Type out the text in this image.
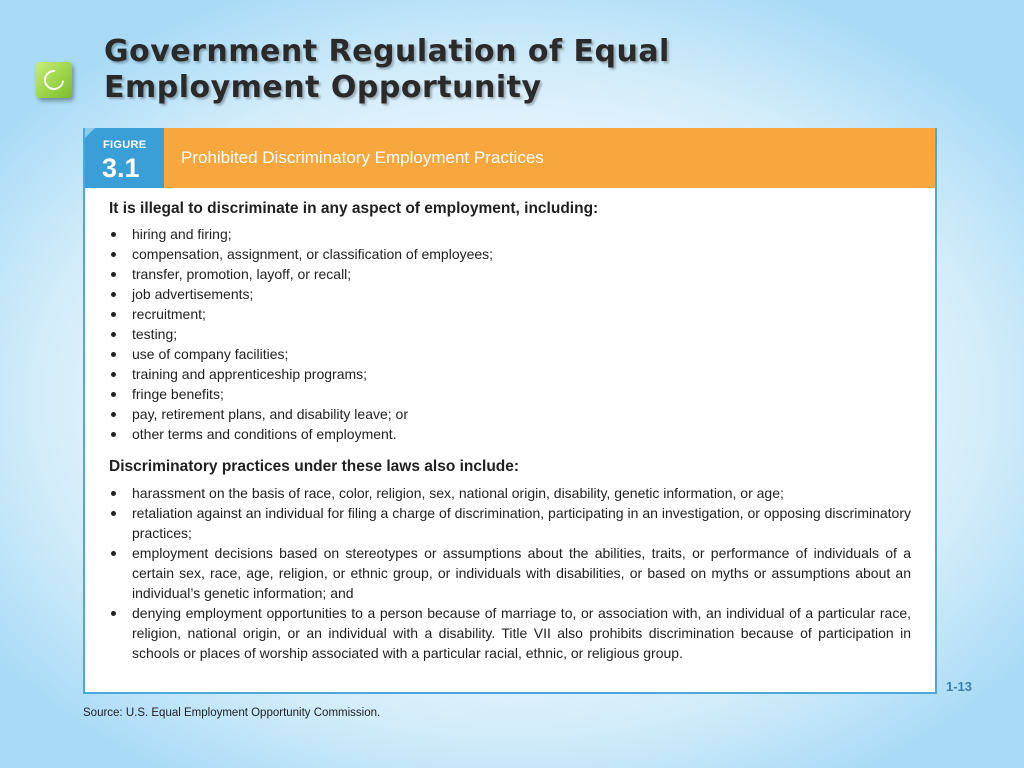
Government Regulation of Equal
Employment Opportunity
FIGURE
3.1 Prohibited Discriminatory Employment Practices
It is illegal to discriminate in any aspect of employment, including:
hiring and firing;
compensation, assignment, or classification of employees;
transfer, promotion, layoff, or recall;
job advertisements;
recruitment;
testing;
use of company facilities;
training and apprenticeship programs;
fringe benefits;
pay, retirement plans, and disability leave; or
other terms and conditions of employment.
Discriminatory practices under these laws also include:
harassment on the basis of race, color, religion, sex, national origin, disability, genetic information, or age;
retaliation against an individual for filing a charge of discrimination, participating in an investigation, or opposing discriminatory practices;
employment decisions based on stereotypes or assumptions about the abilities, traits, or performance of individuals of a certain sex, race, age, religion, or ethnic group, or individuals with disabilities, or based on myths or assumptions about an individual’s genetic information; and
denying employment opportunities to a person because of marriage to, or association with, an individual of a particular race, religion, national origin, or an individual with a disability. Title VII also prohibits discrimination because of participation in schools or places of worship associated with a particular racial, ethnic, or religious group.
1-13
Source: U.S. Equal Employment Opportunity Commission.
